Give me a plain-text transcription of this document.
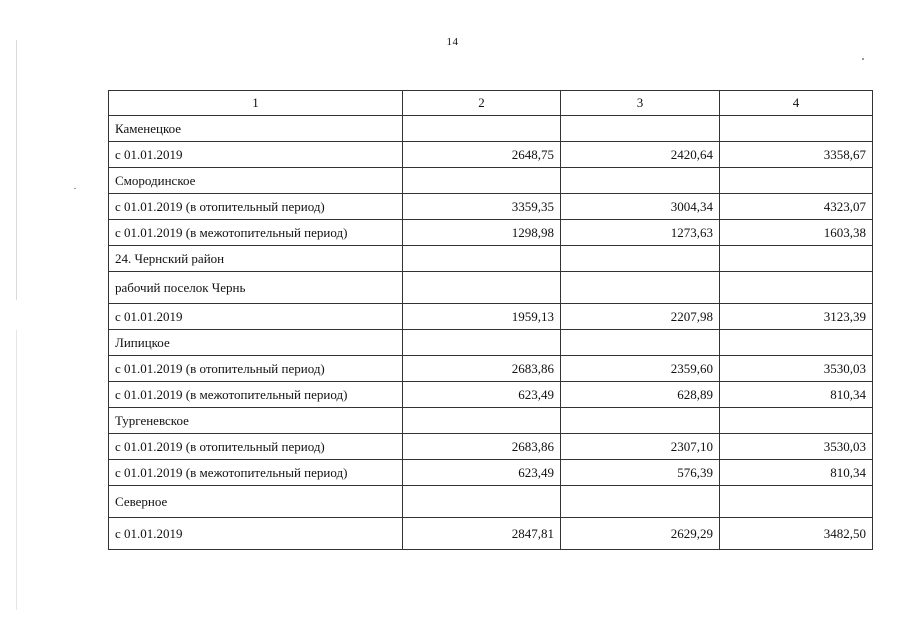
14
1	2	3	4
Каменецкое			
с 01.01.2019	2648,75	2420,64	3358,67
Смородинское			
с 01.01.2019 (в отопительный период)	3359,35	3004,34	4323,07
с 01.01.2019 (в межотопительный период)	1298,98	1273,63	1603,38
24. Чернский район			
рабочий поселок Чернь			
с 01.01.2019	1959,13	2207,98	3123,39
Липицкое			
с 01.01.2019 (в отопительный период)	2683,86	2359,60	3530,03
с 01.01.2019 (в межотопительный период)	623,49	628,89	810,34
Тургеневское			
с 01.01.2019 (в отопительный период)	2683,86	2307,10	3530,03
с 01.01.2019 (в межотопительный период)	623,49	576,39	810,34
Северное			
с 01.01.2019	2847,81	2629,29	3482,50
